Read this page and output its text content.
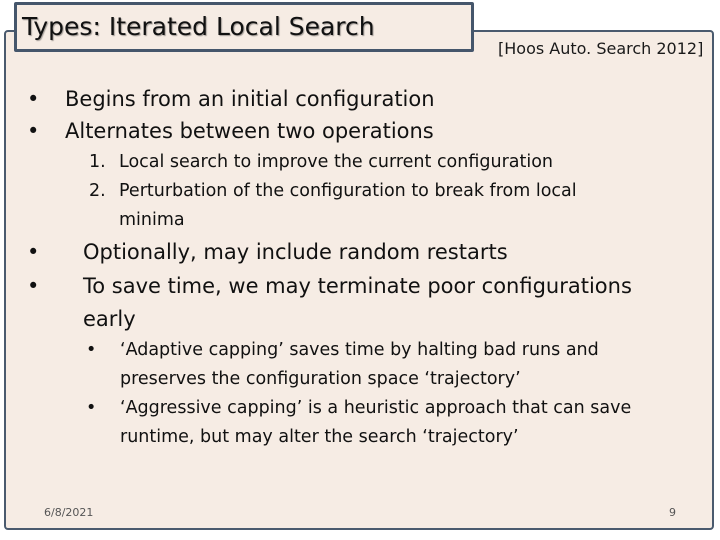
Types: Iterated Local Search
[Hoos Auto. Search 2012]
• Begins from an initial configuration
• Alternates between two operations
1. Local search to improve the current configuration
2. Perturbation of the configuration to break from local
minima
• Optionally, may include random restarts
• To save time, we may terminate poor configurations
early
• ‘Adaptive capping’ saves time by halting bad runs and
preserves the configuration space ‘trajectory’
• ‘Aggressive capping’ is a heuristic approach that can save
runtime, but may alter the search ‘trajectory’
6/8/2021	9
